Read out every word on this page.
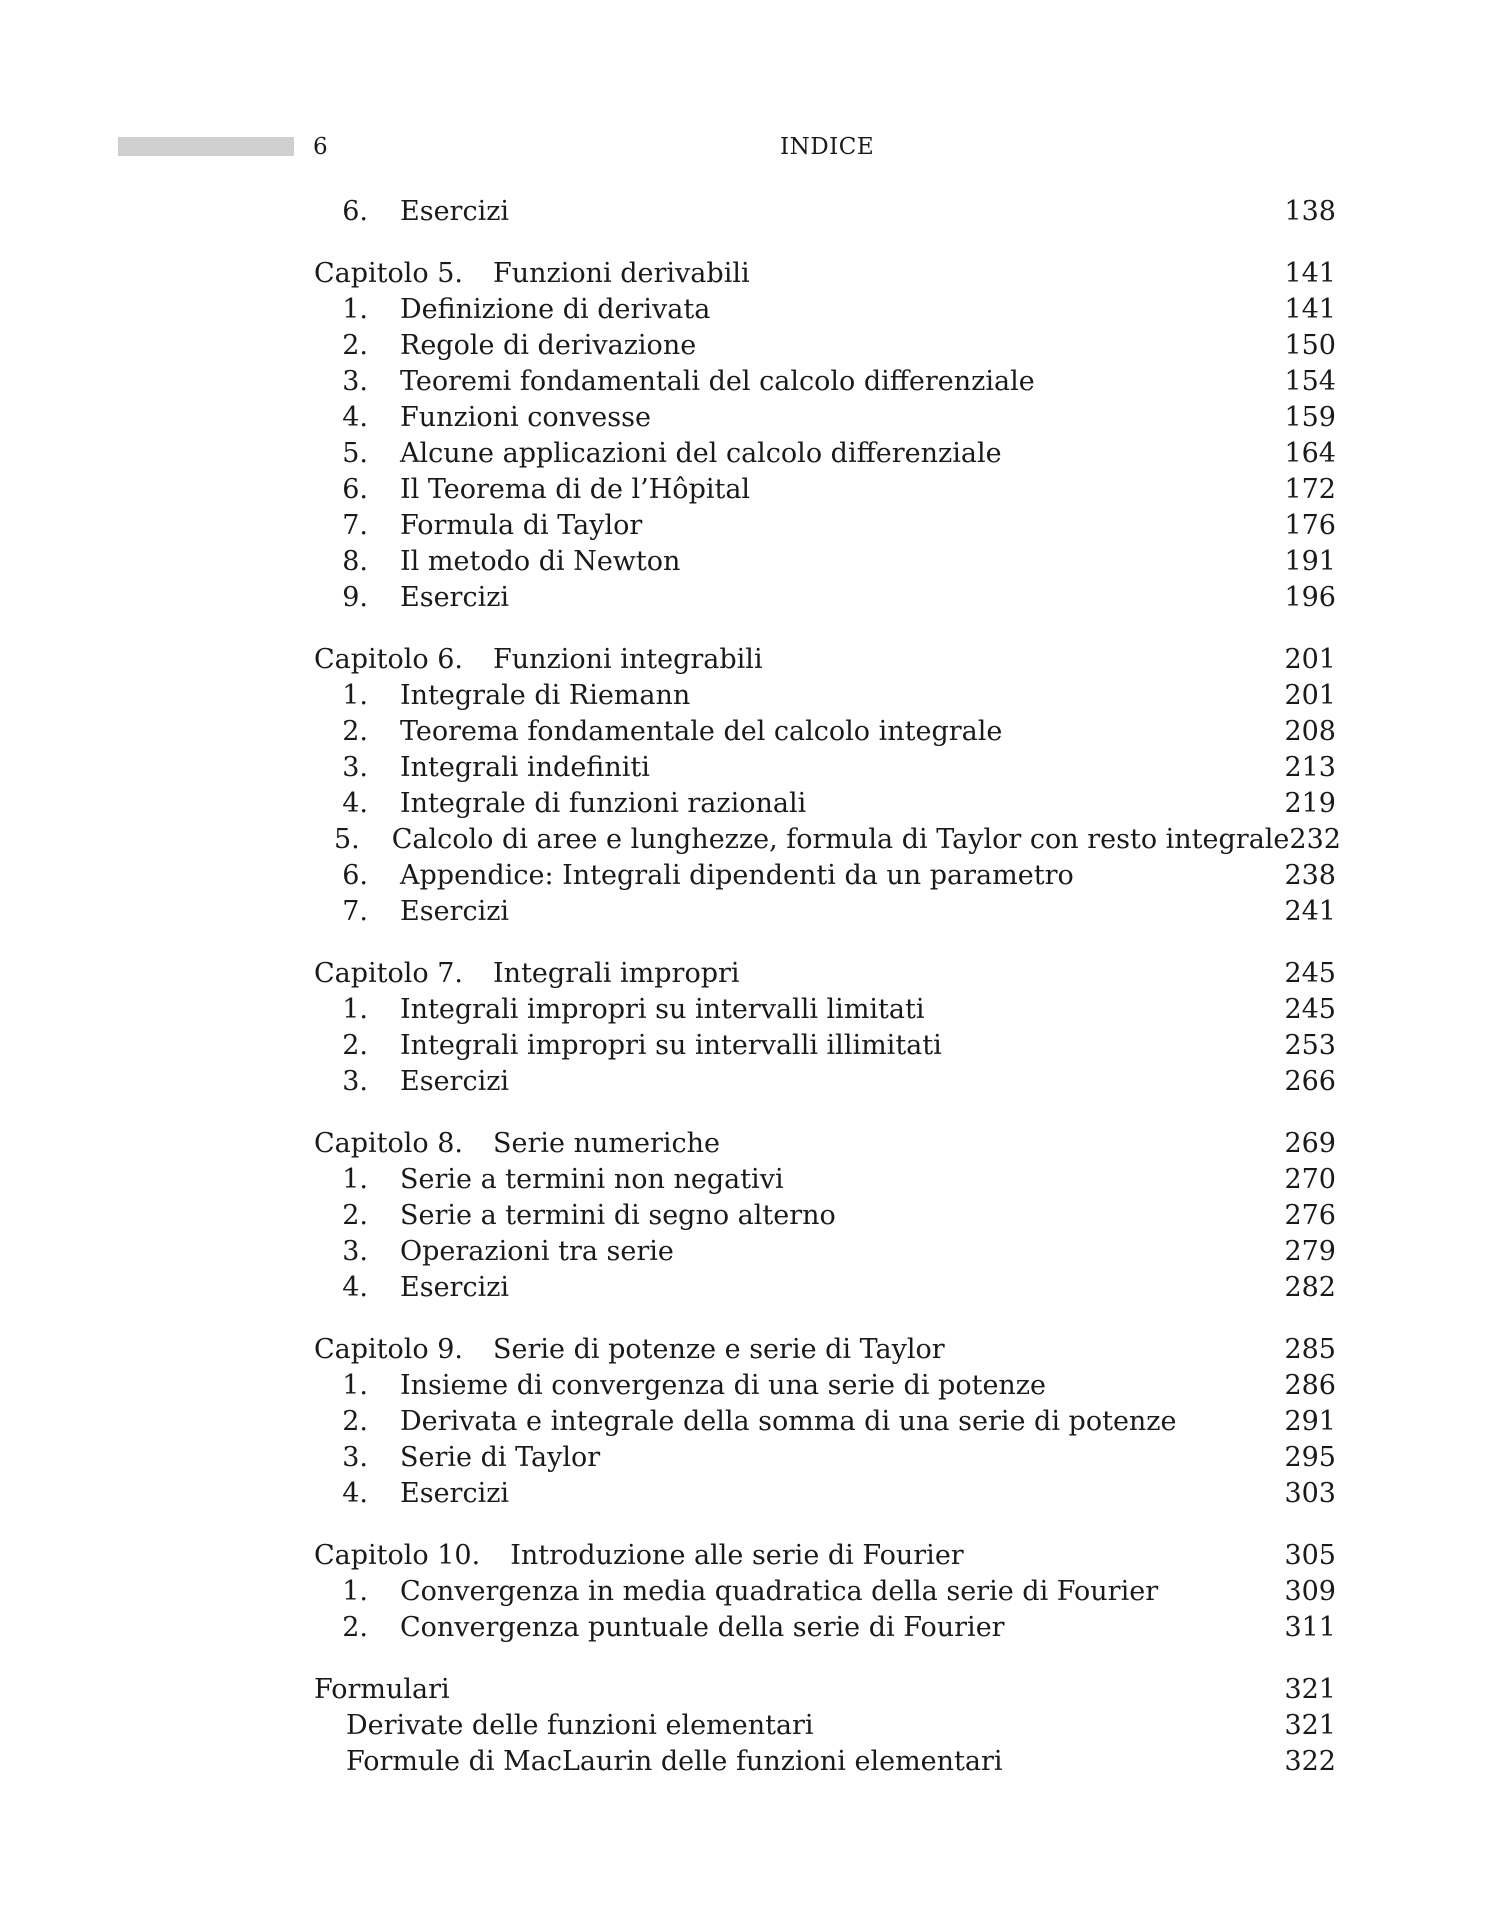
6	INDICE
6. Esercizi	138
Capitolo 5. Funzioni derivabili	141
1. Definizione di derivata	141
2. Regole di derivazione	150
3. Teoremi fondamentali del calcolo differenziale	154
4. Funzioni convesse	159
5. Alcune applicazioni del calcolo differenziale	164
6. Il Teorema di de l’Hôpital	172
7. Formula di Taylor	176
8. Il metodo di Newton	191
9. Esercizi	196
Capitolo 6. Funzioni integrabili	201
1. Integrale di Riemann	201
2. Teorema fondamentale del calcolo integrale	208
3. Integrali indefiniti	213
4. Integrale di funzioni razionali	219
5. Calcolo di aree e lunghezze, formula di Taylor con resto integrale 232
6. Appendice: Integrali dipendenti da un parametro	238
7. Esercizi	241
Capitolo 7. Integrali impropri	245
1. Integrali impropri su intervalli limitati	245
2. Integrali impropri su intervalli illimitati	253
3. Esercizi	266
Capitolo 8. Serie numeriche	269
1. Serie a termini non negativi	270
2. Serie a termini di segno alterno	276
3. Operazioni tra serie	279
4. Esercizi	282
Capitolo 9. Serie di potenze e serie di Taylor	285
1. Insieme di convergenza di una serie di potenze	286
2. Derivata e integrale della somma di una serie di potenze	291
3. Serie di Taylor	295
4. Esercizi	303
Capitolo 10. Introduzione alle serie di Fourier	305
1. Convergenza in media quadratica della serie di Fourier	309
2. Convergenza puntuale della serie di Fourier	311
Formulari	321
Derivate delle funzioni elementari	321
Formule di MacLaurin delle funzioni elementari	322
